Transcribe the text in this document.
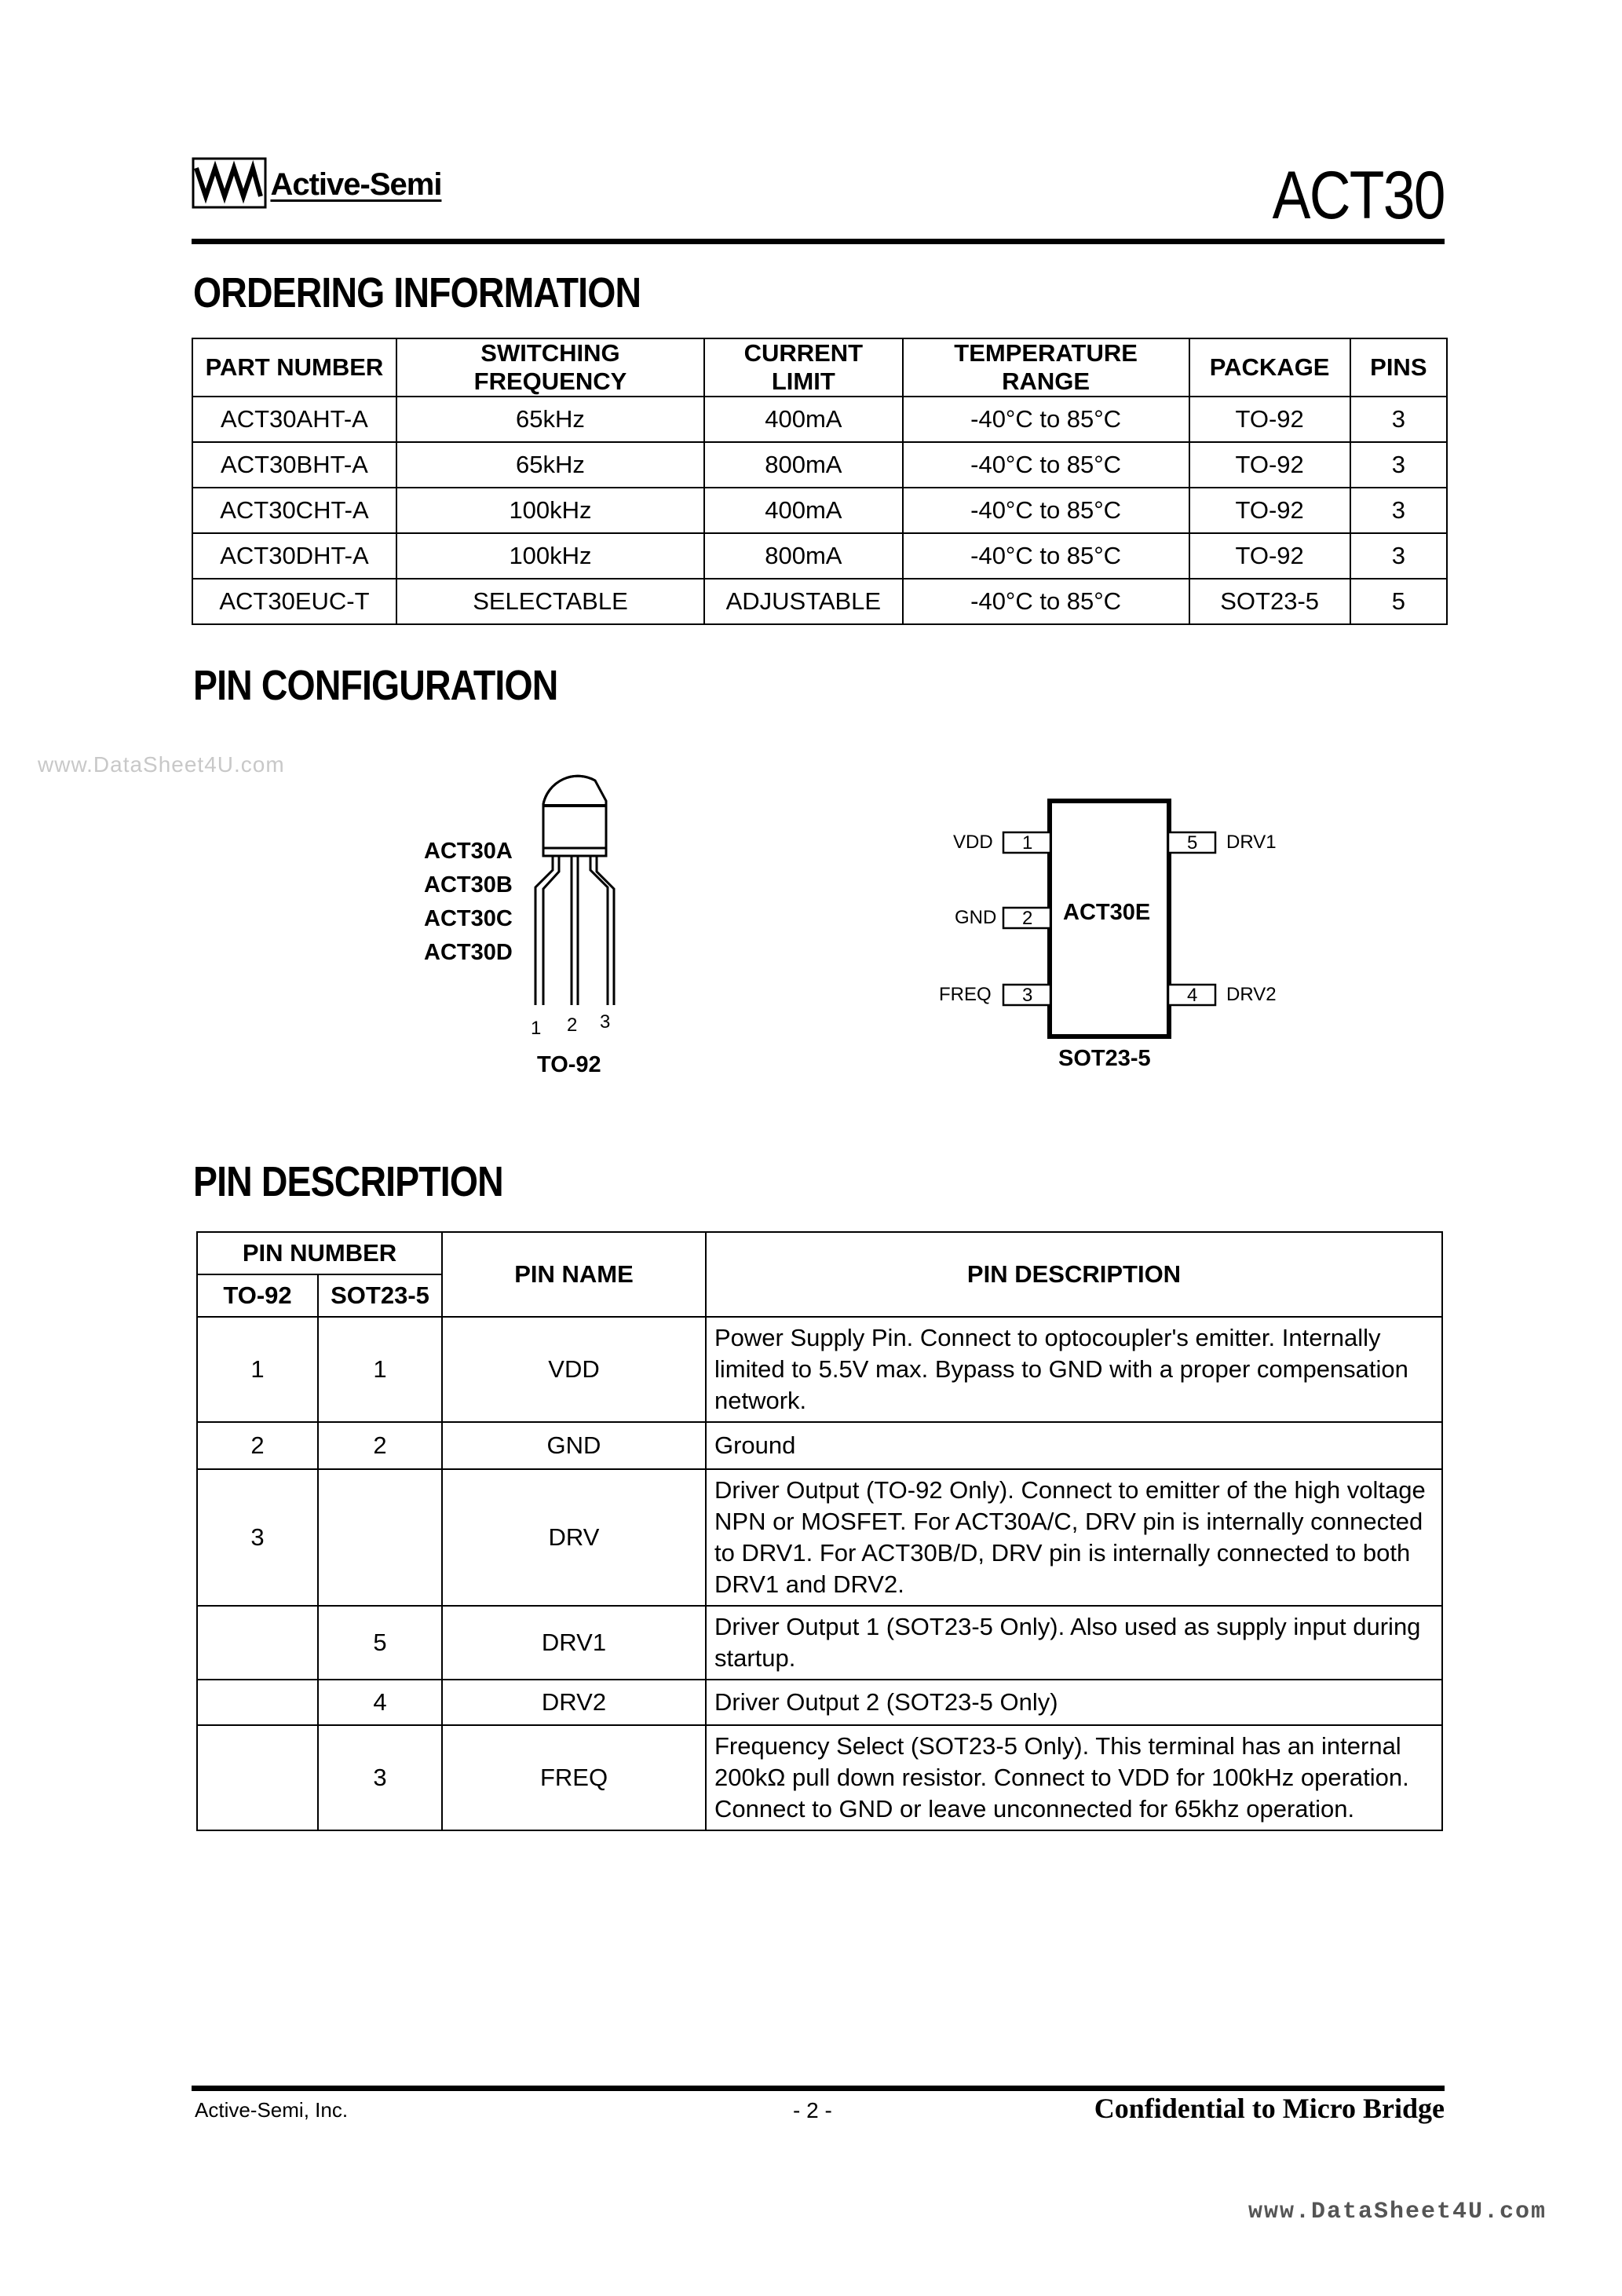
Active-Semi	ACT30
ORDERING INFORMATION
PART NUMBER	SWITCHING FREQUENCY	CURRENT LIMIT	TEMPERATURE RANGE	PACKAGE	PINS
ACT30AHT-A	65kHz	400mA	-40°C to 85°C	TO-92	3
ACT30BHT-A	65kHz	800mA	-40°C to 85°C	TO-92	3
ACT30CHT-A	100kHz	400mA	-40°C to 85°C	TO-92	3
ACT30DHT-A	100kHz	800mA	-40°C to 85°C	TO-92	3
ACT30EUC-T	SELECTABLE	ADJUSTABLE	-40°C to 85°C	SOT23-5	5
PIN CONFIGURATION
www.DataSheet4U.com
ACT30A
ACT30B
ACT30C
ACT30D
1 2 3
TO-92
VDD
GND
FREQ
1
2
3
5
4
DRV1
DRV2
ACT30E
SOT23-5
PIN DESCRIPTION
PIN NUMBER		PIN NAME	PIN DESCRIPTION
TO-92	SOT23-5		
1	1	VDD	Power Supply Pin. Connect to optocoupler's emitter. Internally limited to 5.5V max. Bypass to GND with a proper compensation network.
2	2	GND	Ground
3		DRV	Driver Output (TO-92 Only). Connect to emitter of the high voltage NPN or MOSFET. For ACT30A/C, DRV pin is internally connected to DRV1. For ACT30B/D, DRV pin is internally connected to both DRV1 and DRV2.
	5	DRV1	Driver Output 1 (SOT23-5 Only). Also used as supply input during startup.
	4	DRV2	Driver Output 2 (SOT23-5 Only)
	3	FREQ	Frequency Select (SOT23-5 Only). This terminal has an internal 200kΩ pull down resistor. Connect to VDD for 100kHz operation. Connect to GND or leave unconnected for 65khz operation.
Active-Semi, Inc.	- 2 -	Confidential to Micro Bridge
www.DataSheet4U.com
